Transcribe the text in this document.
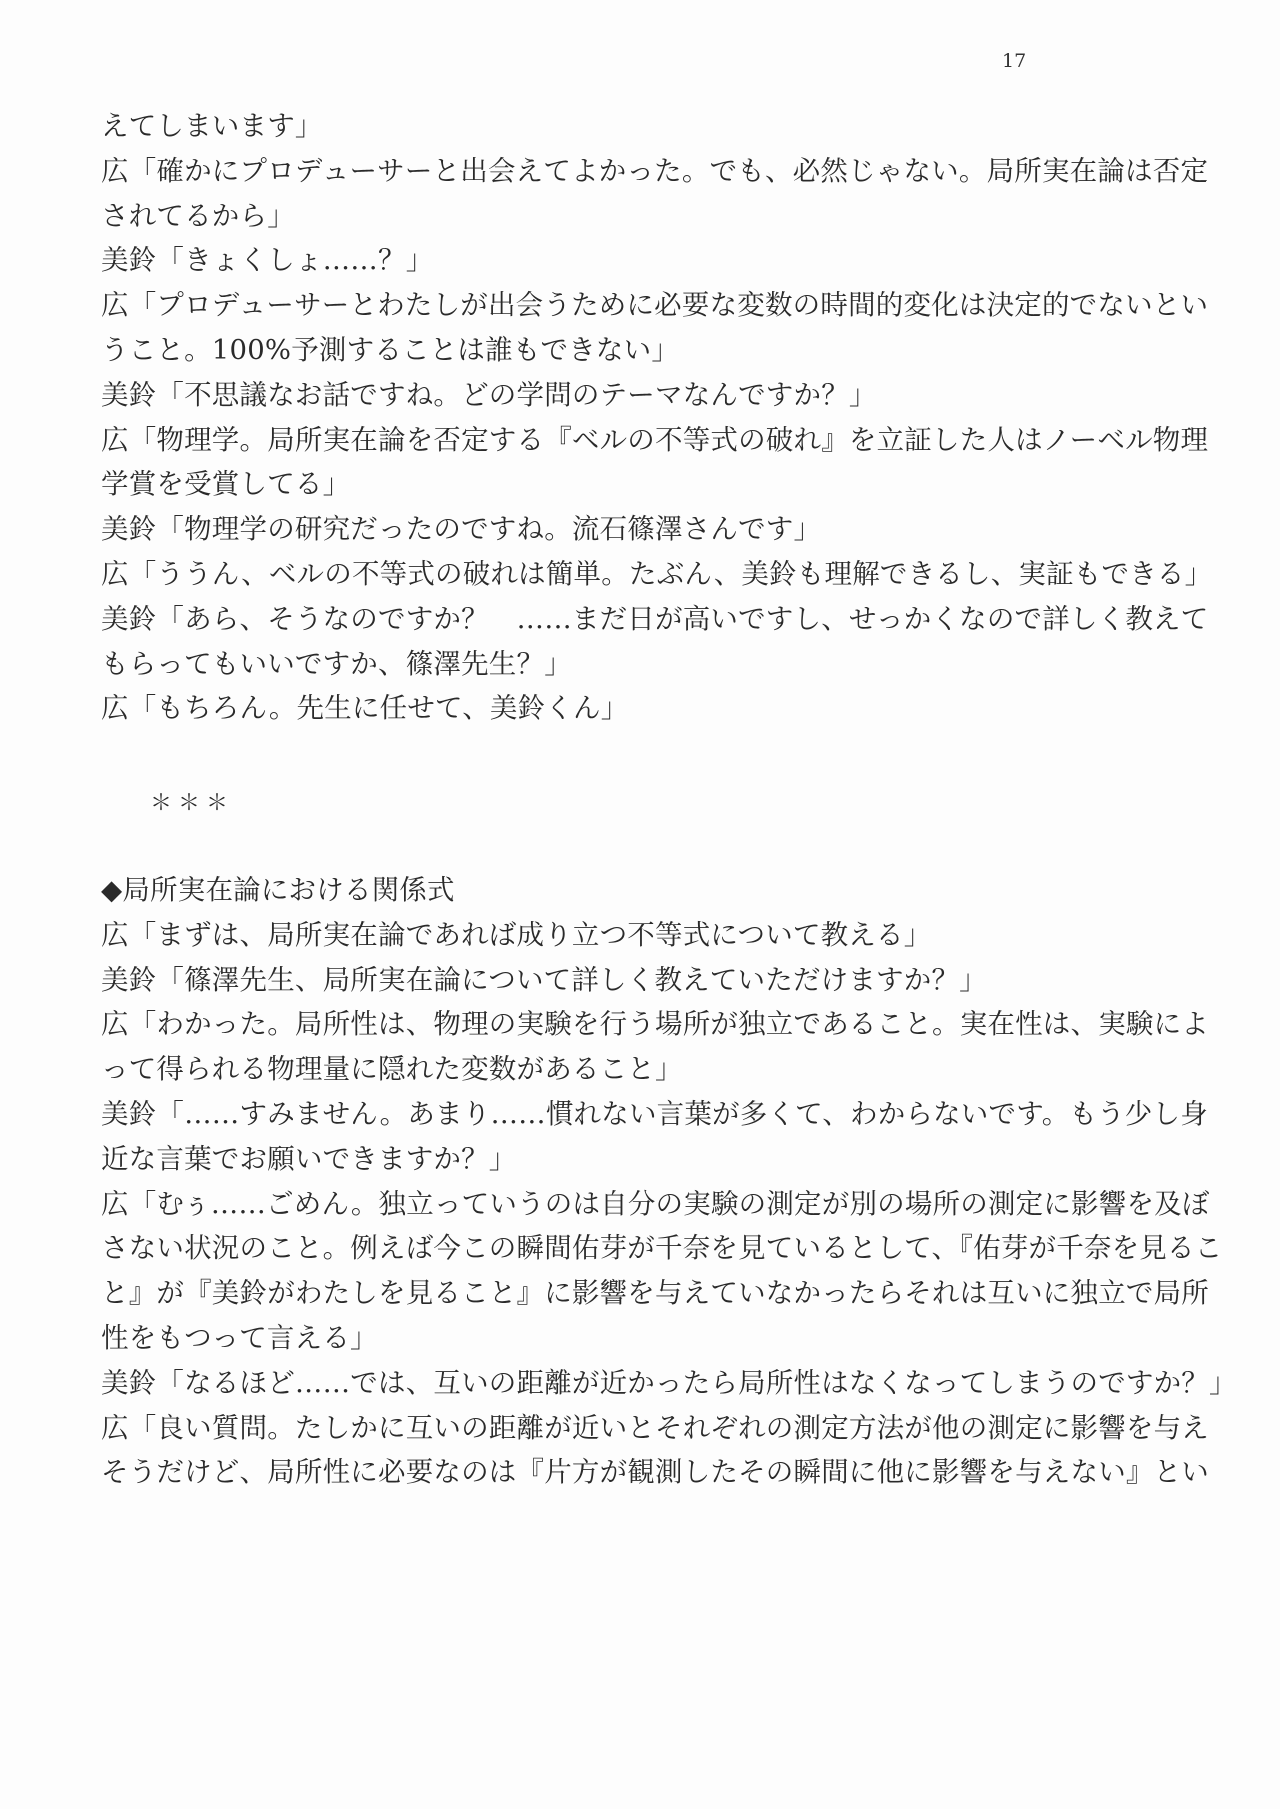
17
えてしまいます」
広「確かにプロデューサーと出会えてよかった。でも、必然じゃない。局所実在論は否定
されてるから」
美鈴「きょくしょ……？」
広「プロデューサーとわたしが出会うために必要な変数の時間的変化は決定的でないとい
うこと。100%予測することは誰もできない」
美鈴「不思議なお話ですね。どの学問のテーマなんですか？」
広「物理学。局所実在論を否定する『ベルの不等式の破れ』を立証した人はノーベル物理
学賞を受賞してる」
美鈴「物理学の研究だったのですね。流石篠澤さんです」
広「ううん、ベルの不等式の破れは簡単。たぶん、美鈴も理解できるし、実証もできる」
美鈴「あら、そうなのですか？　……まだ日が高いですし、せっかくなので詳しく教えて
もらってもいいですか、篠澤先生？」
広「もちろん。先生に任せて、美鈴くん」
＊＊＊
◆局所実在論における関係式
広「まずは、局所実在論であれば成り立つ不等式について教える」
美鈴「篠澤先生、局所実在論について詳しく教えていただけますか？」
広「わかった。局所性は、物理の実験を行う場所が独立であること。実在性は、実験によ
って得られる物理量に隠れた変数があること」
美鈴「……すみません。あまり……慣れない言葉が多くて、わからないです。もう少し身
近な言葉でお願いできますか？」
広「むぅ……ごめん。独立っていうのは自分の実験の測定が別の場所の測定に影響を及ぼ
さない状況のこと。例えば今この瞬間佑芽が千奈を見ているとして、『佑芽が千奈を見るこ
と』が『美鈴がわたしを見ること』に影響を与えていなかったらそれは互いに独立で局所
性をもつって言える」
美鈴「なるほど……では、互いの距離が近かったら局所性はなくなってしまうのですか？」
広「良い質問。たしかに互いの距離が近いとそれぞれの測定方法が他の測定に影響を与え
そうだけど、局所性に必要なのは『片方が観測したその瞬間に他に影響を与えない』とい
